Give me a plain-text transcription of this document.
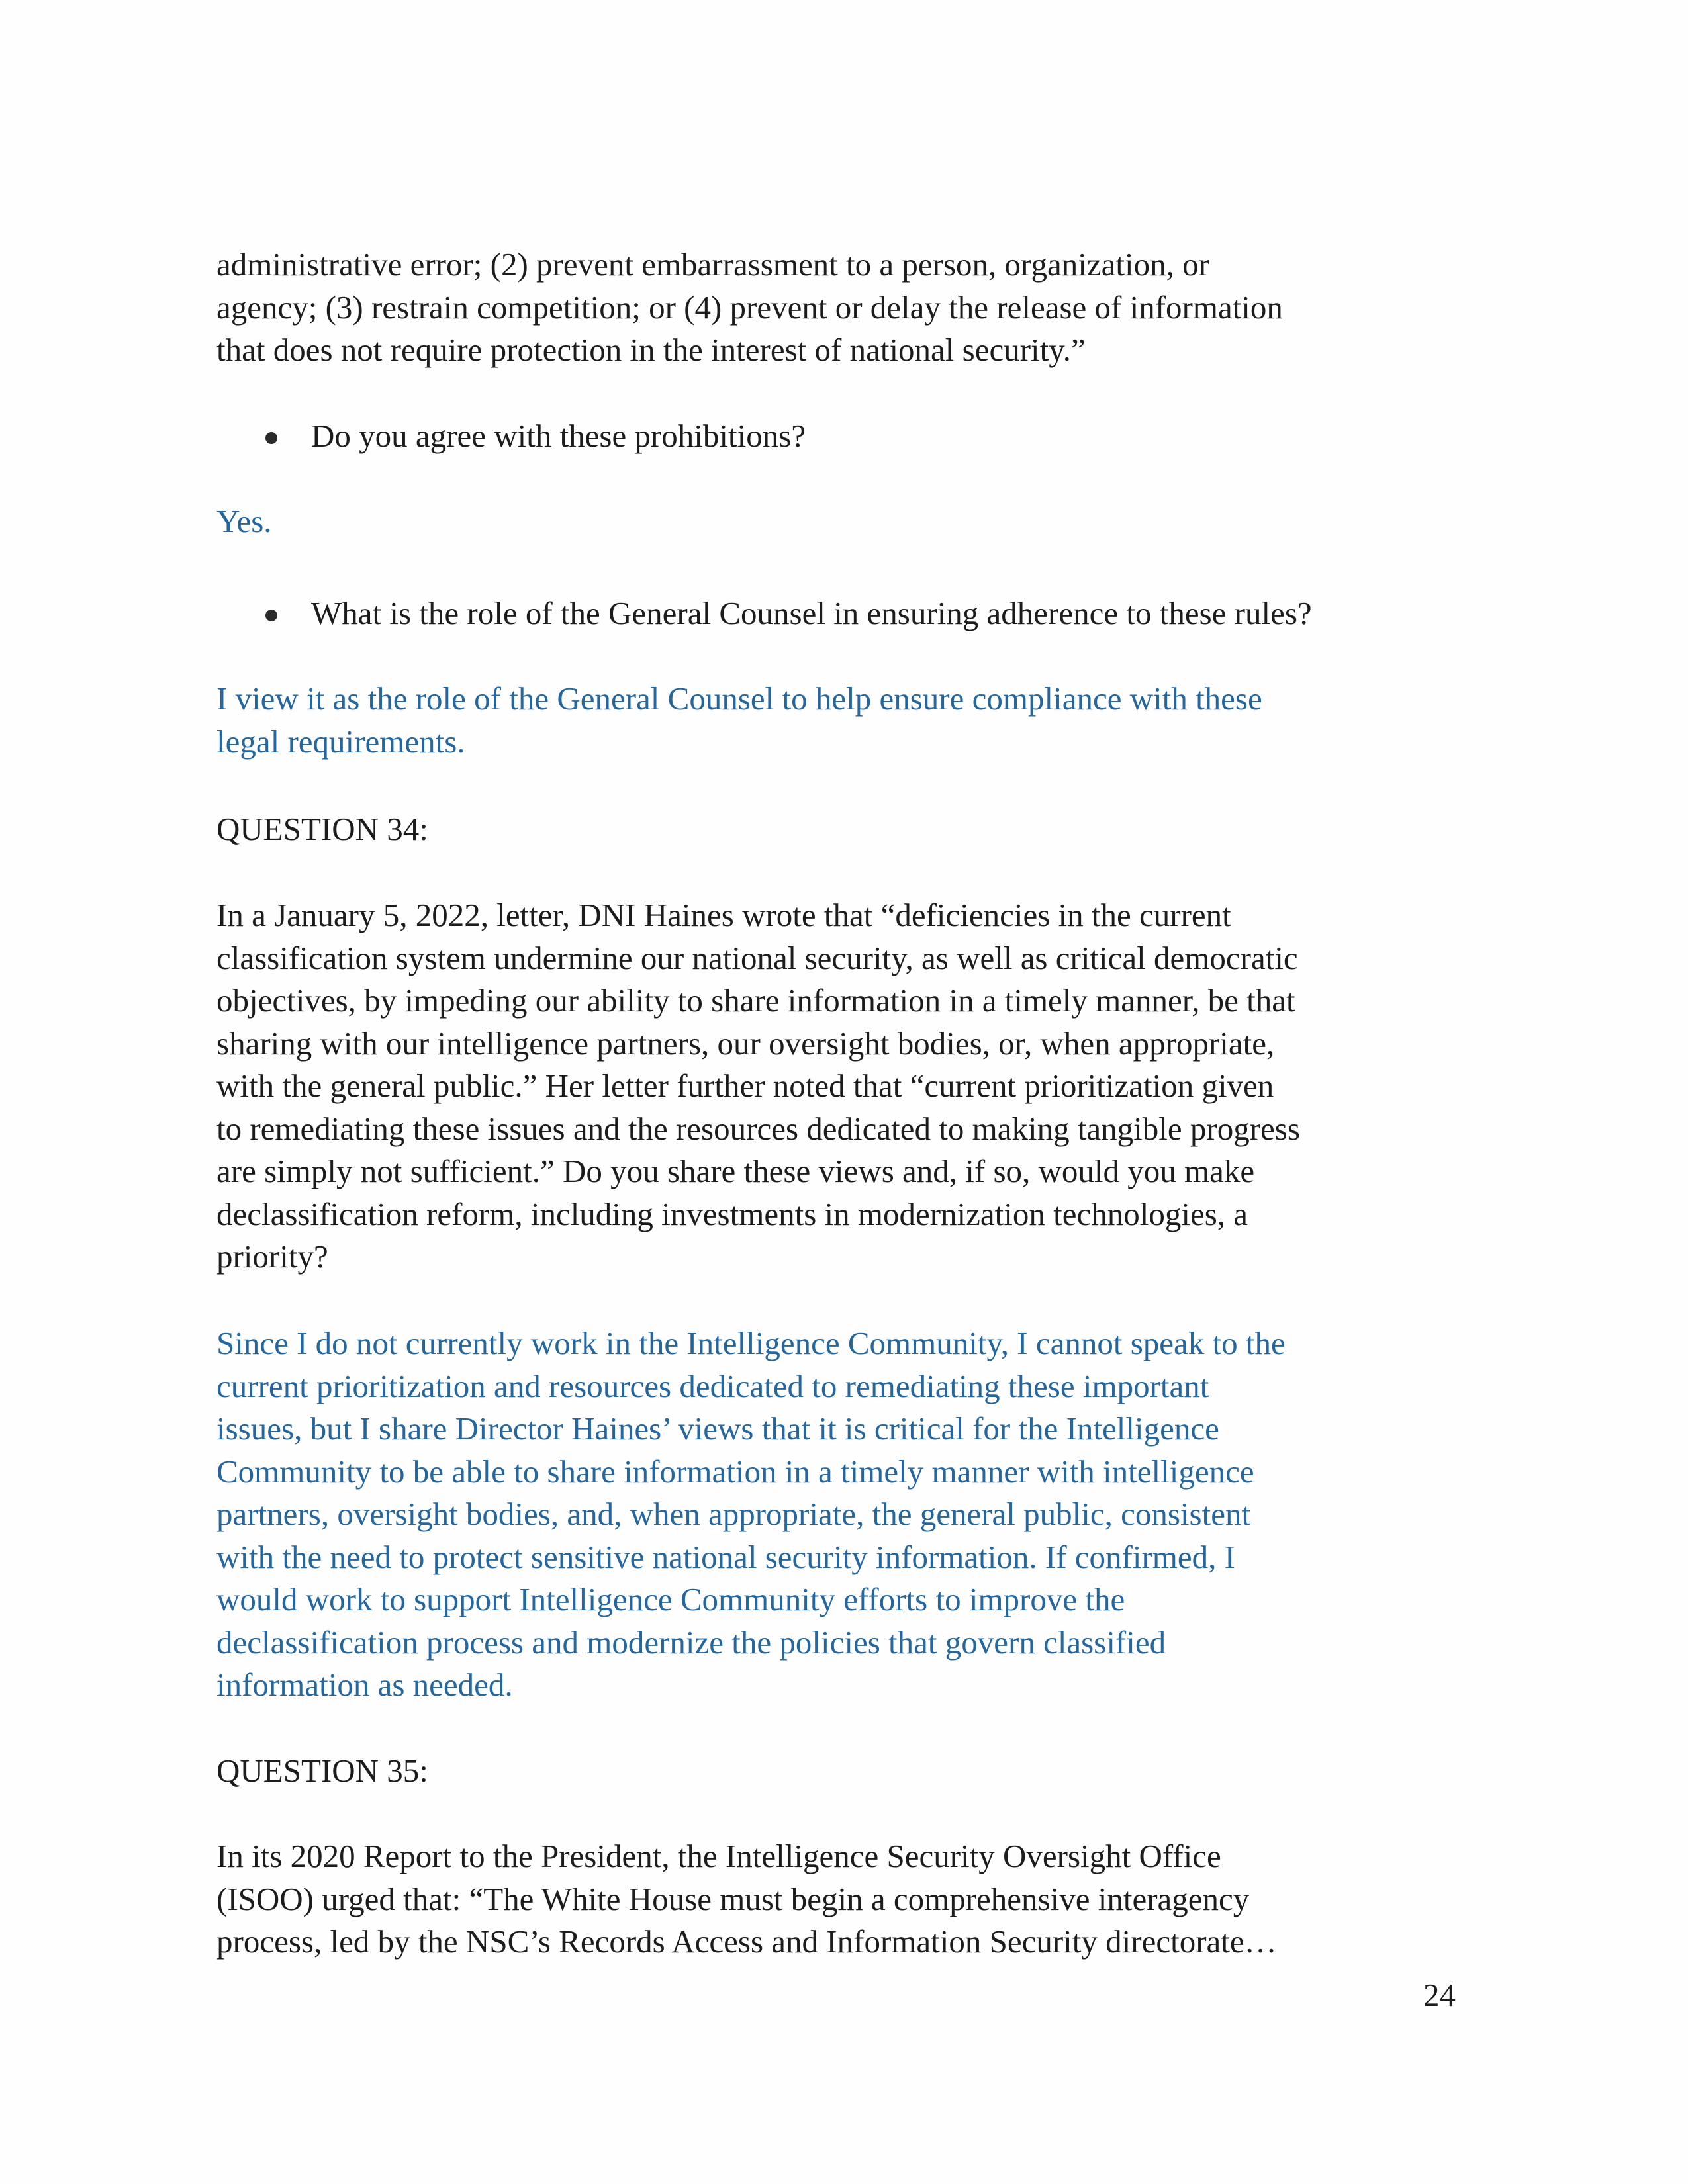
administrative error; (2) prevent embarrassment to a person, organization, or
agency; (3) restrain competition; or (4) prevent or delay the release of information
that does not require protection in the interest of national security.”
Do you agree with these prohibitions?
Yes.
What is the role of the General Counsel in ensuring adherence to these rules?
I view it as the role of the General Counsel to help ensure compliance with these
legal requirements.
QUESTION 34:
In a January 5, 2022, letter, DNI Haines wrote that “deficiencies in the current
classification system undermine our national security, as well as critical democratic
objectives, by impeding our ability to share information in a timely manner, be that
sharing with our intelligence partners, our oversight bodies, or, when appropriate,
with the general public.” Her letter further noted that “current prioritization given
to remediating these issues and the resources dedicated to making tangible progress
are simply not sufficient.” Do you share these views and, if so, would you make
declassification reform, including investments in modernization technologies, a
priority?
Since I do not currently work in the Intelligence Community, I cannot speak to the
current prioritization and resources dedicated to remediating these important
issues, but I share Director Haines’ views that it is critical for the Intelligence
Community to be able to share information in a timely manner with intelligence
partners, oversight bodies, and, when appropriate, the general public, consistent
with the need to protect sensitive national security information. If confirmed, I
would work to support Intelligence Community efforts to improve the
declassification process and modernize the policies that govern classified
information as needed.
QUESTION 35:
In its 2020 Report to the President, the Intelligence Security Oversight Office
(ISOO) urged that: “The White House must begin a comprehensive interagency
process, led by the NSC’s Records Access and Information Security directorate…
24
